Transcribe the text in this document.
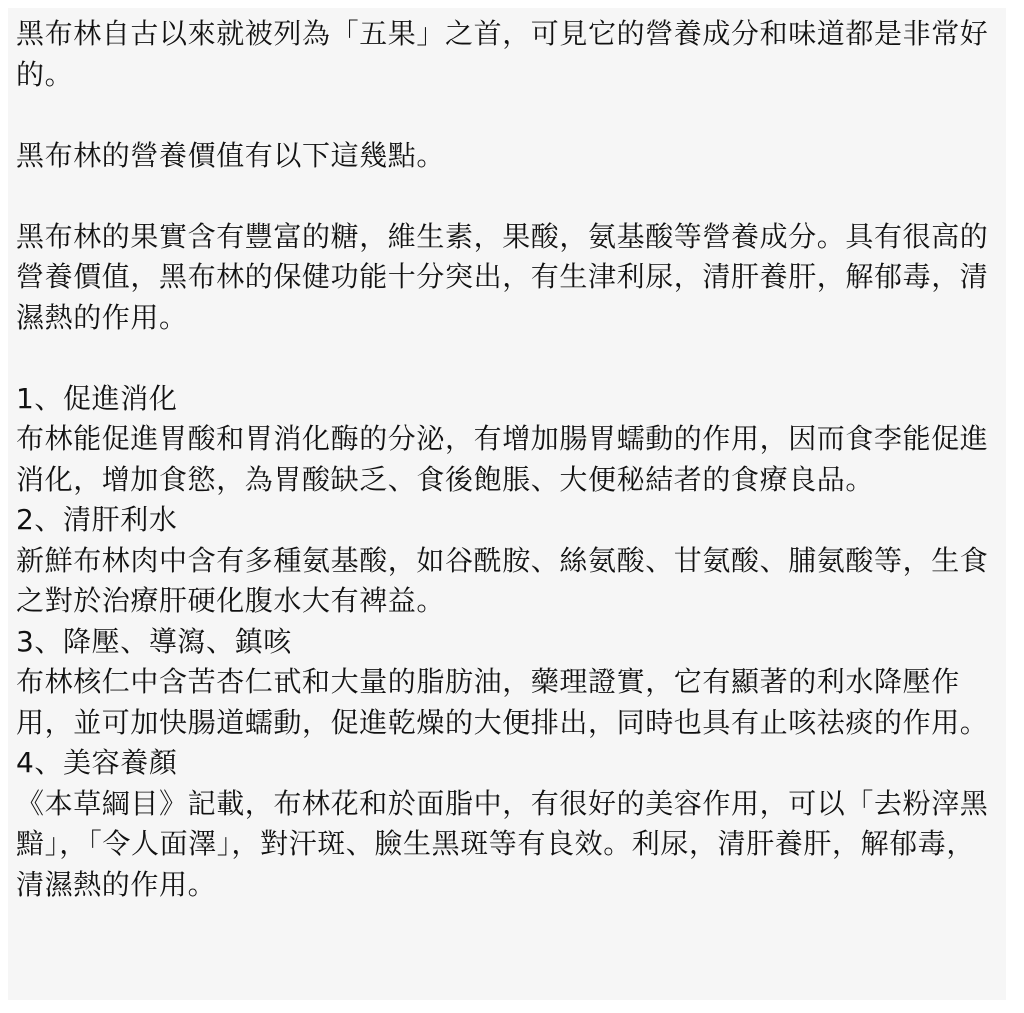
黑布林自古以來就被列為「五果」之首，可見它的營養成分和味道都是非常好的。

黑布林的營養價值有以下這幾點。

黑布林的果實含有豐富的糖，維生素，果酸，氨基酸等營養成分。具有很高的營養價值，黑布林的保健功能十分突出，有生津利尿，清肝養肝，解郁毒，清濕熱的作用。

1、促進消化

布林能促進胃酸和胃消化酶的分泌，有增加腸胃蠕動的作用，因而食李能促進消化，增加食慾，為胃酸缺乏、食後飽脹、大便秘結者的食療良品。

2、清肝利水

新鮮布林肉中含有多種氨基酸，如谷酰胺、絲氨酸、甘氨酸、脯氨酸等，生食之對於治療肝硬化腹水大有裨益。

3、降壓、導瀉、鎮咳

布林核仁中含苦杏仁甙和大量的脂肪油，藥理證實，它有顯著的利水降壓作用，並可加快腸道蠕動，促進乾燥的大便排出，同時也具有止咳祛痰的作用。

4、美容養顏

《本草綱目》記載，布林花和於面脂中，有很好的美容作用，可以「去粉滓黑黯」，「令人面澤」，對汗斑、臉生黑斑等有良效。利尿，清肝養肝，解郁毒，清濕熱的作用。
